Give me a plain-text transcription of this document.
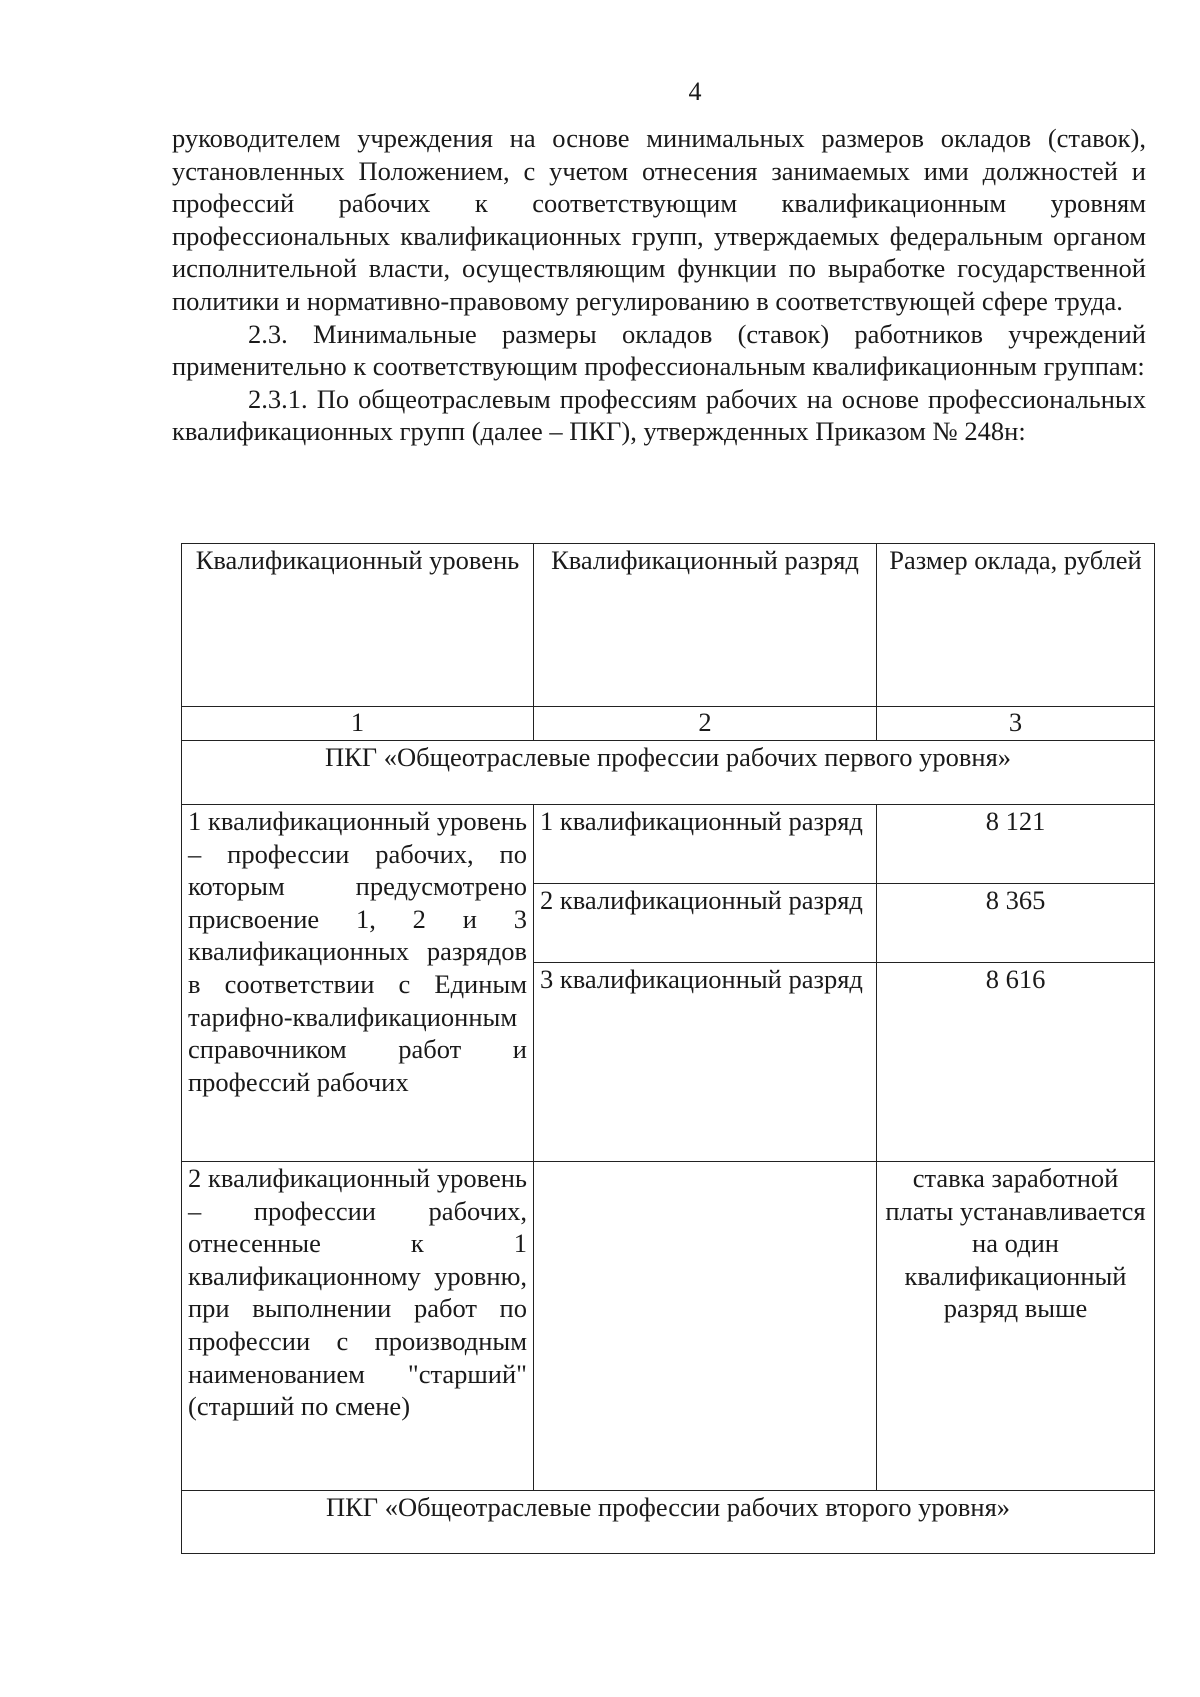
4

руководителем учреждения на основе минимальных размеров окладов (ставок), установленных Положением, с учетом отнесения занимаемых ими должностей и профессий рабочих к соответствующим квалификационным уровням профессиональных квалификационных групп, утверждаемых федеральным органом исполнительной власти, осуществляющим функции по выработке государственной политики и нормативно-правовому регулированию в соответствующей сфере труда.

2.3. Минимальные размеры окладов (ставок) работников учреждений применительно к соответствующим профессиональным квалификационным группам:

2.3.1. По общеотраслевым профессиям рабочих на основе профессиональных квалификационных групп (далее – ПКГ), утвержденных Приказом № 248н:

Квалификационный уровень	Квалификационный разряд	Размер оклада, рублей
1	2	3
ПКГ «Общеотраслевые профессии рабочих первого уровня»		
1 квалификационный уровень – профессии рабочих, по которым предусмотрено присвоение 1, 2 и 3 квалификационных разрядов в соответствии с Единым тарифно-квалификационным справочником работ и профессий рабочих	1 квалификационный разряд	8 121
	2 квалификационный разряд	8 365
	3 квалификационный разряд	8 616
2 квалификационный уровень – профессии рабочих, отнесенные к 1 квалификационному уровню, при выполнении работ по профессии с производным наименованием "старший" (старший по смене)		ставка заработной платы устанавливается на один квалификационный разряд выше
ПКГ «Общеотраслевые профессии рабочих второго уровня»		
